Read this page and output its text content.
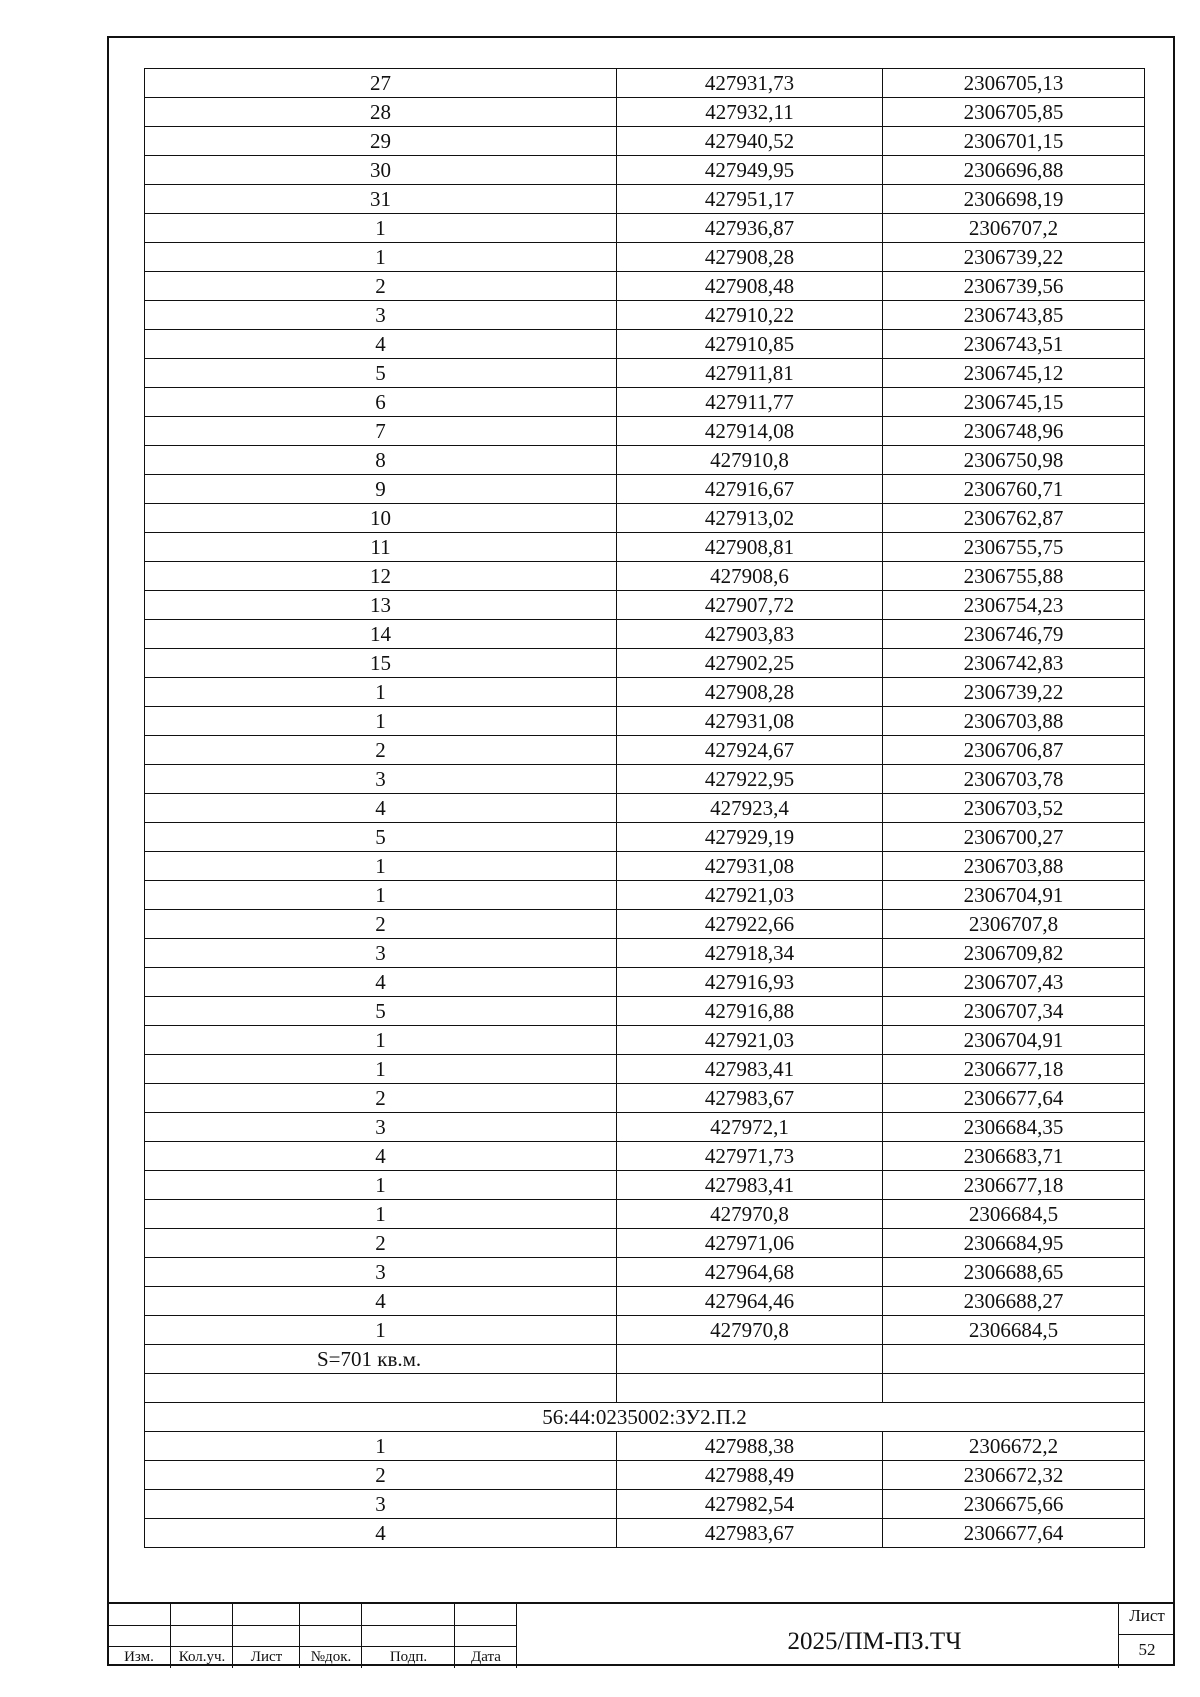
27	427931,73	2306705,13
28	427932,11	2306705,85
29	427940,52	2306701,15
30	427949,95	2306696,88
31	427951,17	2306698,19
1	427936,87	2306707,2
1	427908,28	2306739,22
2	427908,48	2306739,56
3	427910,22	2306743,85
4	427910,85	2306743,51
5	427911,81	2306745,12
6	427911,77	2306745,15
7	427914,08	2306748,96
8	427910,8	2306750,98
9	427916,67	2306760,71
10	427913,02	2306762,87
11	427908,81	2306755,75
12	427908,6	2306755,88
13	427907,72	2306754,23
14	427903,83	2306746,79
15	427902,25	2306742,83
1	427908,28	2306739,22
1	427931,08	2306703,88
2	427924,67	2306706,87
3	427922,95	2306703,78
4	427923,4	2306703,52
5	427929,19	2306700,27
1	427931,08	2306703,88
1	427921,03	2306704,91
2	427922,66	2306707,8
3	427918,34	2306709,82
4	427916,93	2306707,43
5	427916,88	2306707,34
1	427921,03	2306704,91
1	427983,41	2306677,18
2	427983,67	2306677,64
3	427972,1	2306684,35
4	427971,73	2306683,71
1	427983,41	2306677,18
1	427970,8	2306684,5
2	427971,06	2306684,95
3	427964,68	2306688,65
4	427964,46	2306688,27
1	427970,8	2306684,5
S=701 кв.м.		

56:44:0235002:ЗУ2.П.2		
1	427988,38	2306672,2
2	427988,49	2306672,32
3	427982,54	2306675,66
4	427983,67	2306677,64
Изм.	Кол.уч.	Лист	№док.	Подп.	Дата
2025/ПМ-ПЗ.ТЧ
Лист
52
